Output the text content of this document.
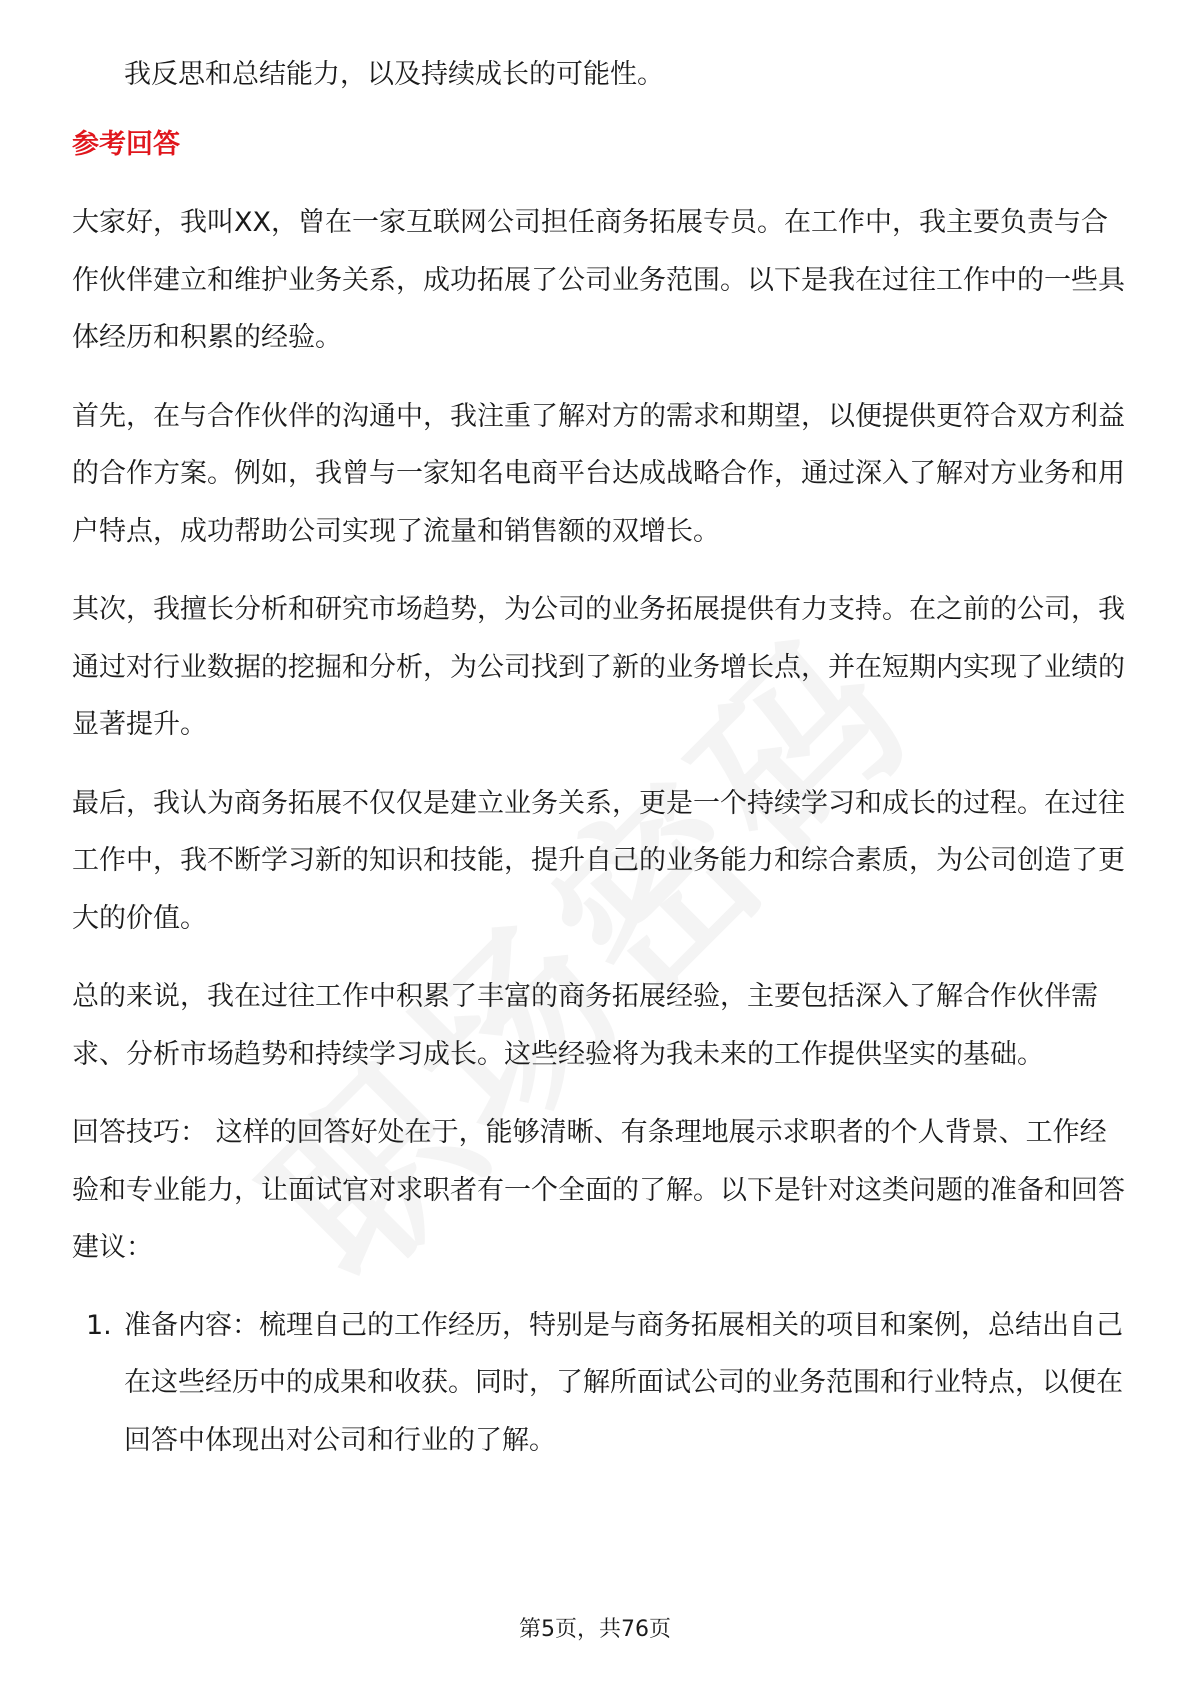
我反思和总结能力，以及持续成长的可能性。

参考回答

大家好，我叫XX，曾在一家互联网公司担任商务拓展专员。在工作中，我主要负责与合作伙伴建立和维护业务关系，成功拓展了公司业务范围。以下是我在过往工作中的一些具体经历和积累的经验。

首先，在与合作伙伴的沟通中，我注重了解对方的需求和期望，以便提供更符合双方利益的合作方案。例如，我曾与一家知名电商平台达成战略合作，通过深入了解对方业务和用户特点，成功帮助公司实现了流量和销售额的双增长。

其次，我擅长分析和研究市场趋势，为公司的业务拓展提供有力支持。在之前的公司，我通过对行业数据的挖掘和分析，为公司找到了新的业务增长点，并在短期内实现了业绩的显著提升。

最后，我认为商务拓展不仅仅是建立业务关系，更是一个持续学习和成长的过程。在过往工作中，我不断学习新的知识和技能，提升自己的业务能力和综合素质，为公司创造了更大的价值。

总的来说，我在过往工作中积累了丰富的商务拓展经验，主要包括深入了解合作伙伴需求、分析市场趋势和持续学习成长。这些经验将为我未来的工作提供坚实的基础。

回答技巧： 这样的回答好处在于，能够清晰、有条理地展示求职者的个人背景、工作经验和专业能力，让面试官对求职者有一个全面的了解。以下是针对这类问题的准备和回答建议：

1. 准备内容：梳理自己的工作经历，特别是与商务拓展相关的项目和案例，总结出自己在这些经历中的成果和收获。同时，了解所面试公司的业务范围和行业特点，以便在回答中体现出对公司和行业的了解。
第5页，共76页
